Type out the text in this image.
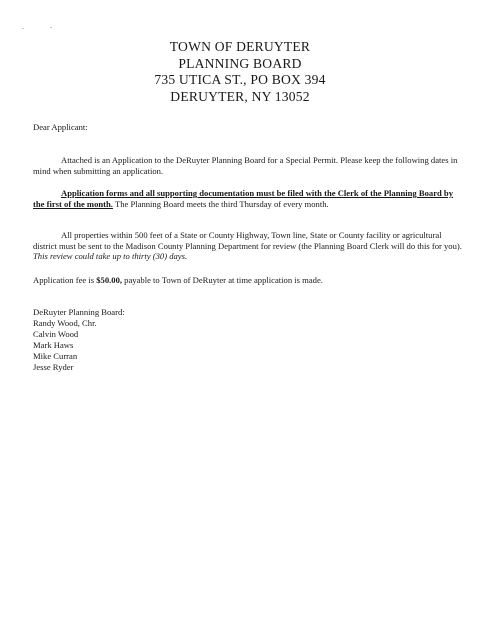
TOWN OF DERUYTER
PLANNING BOARD
735 UTICA ST., PO BOX 394
DERUYTER, NY 13052
Dear Applicant:
Attached is an Application to the DeRuyter Planning Board for a Special Permit. Please keep the following dates in mind when submitting an application.
Application forms and all supporting documentation must be filed with the Clerk of the Planning Board by the first of the month. The Planning Board meets the third Thursday of every month.
All properties within 500 feet of a State or County Highway, Town line, State or County facility or agricultural district must be sent to the Madison County Planning Department for review (the Planning Board Clerk will do this for you). This review could take up to thirty (30) days.
Application fee is $50.00, payable to Town of DeRuyter at time application is made.
DeRuyter Planning Board:
Randy Wood, Chr.
Calvin Wood
Mark Haws
Mike Curran
Jesse Ryder
